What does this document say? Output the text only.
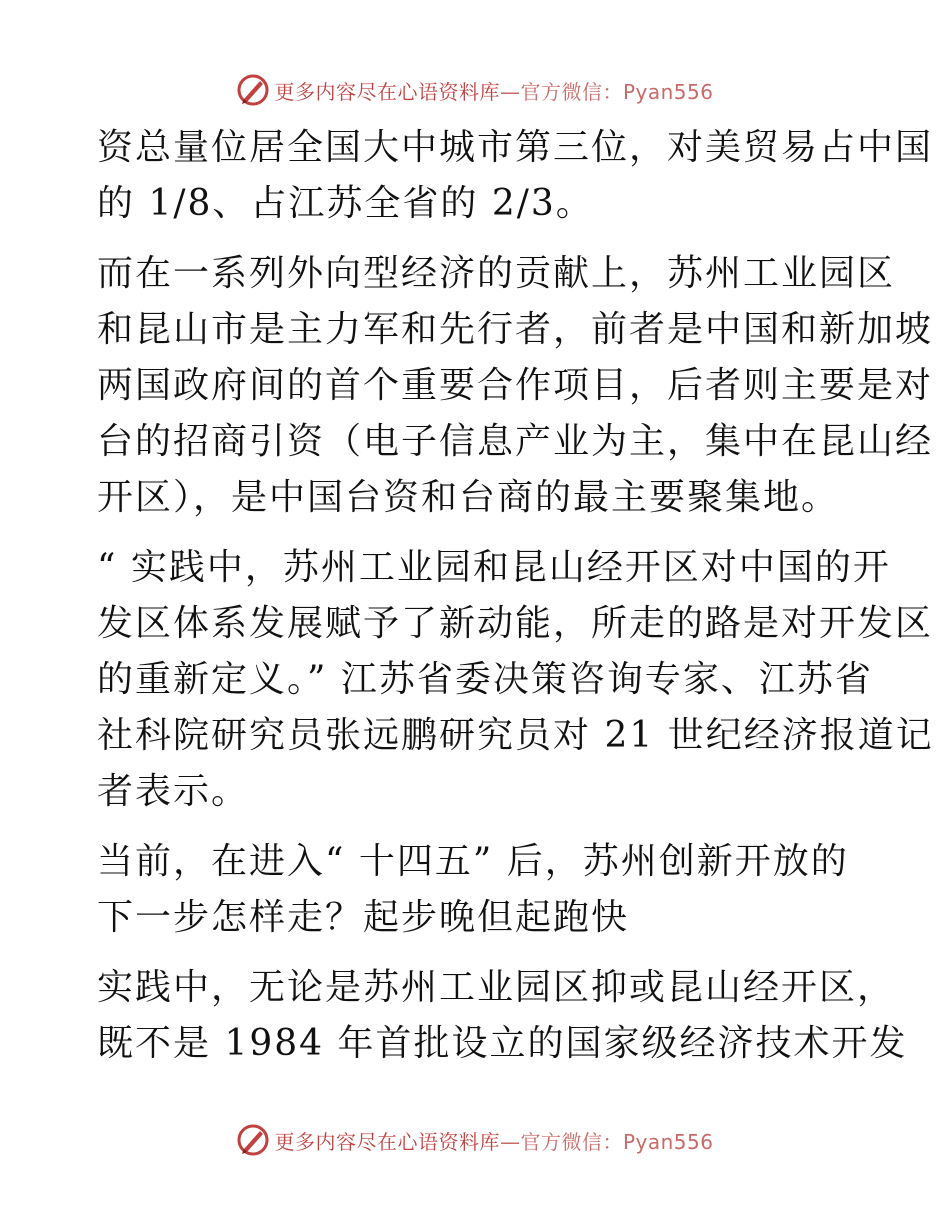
更多内容尽在心语资料库—官方微信：Pyan556
资总量位居全国大中城市第三位，对美贸易占中国
的 1/8、占江苏全省的 2/3。
而在一系列外向型经济的贡献上，苏州工业园区
和昆山市是主力军和先行者，前者是中国和新加坡
两国政府间的首个重要合作项目，后者则主要是对
台的招商引资（电子信息产业为主，集中在昆山经
开区），是中国台资和台商的最主要聚集地。
“ 实践中，苏州工业园和昆山经开区对中国的开
发区体系发展赋予了新动能，所走的路是对开发区
的重新定义。” 江苏省委决策咨询专家、江苏省
社科院研究员张远鹏研究员对 21 世纪经济报道记
者表示。
当前，在进入“ 十四五” 后，苏州创新开放的
下一步怎样走？起步晚但起跑快
实践中，无论是苏州工业园区抑或昆山经开区，
既不是 1984 年首批设立的国家级经济技术开发
更多内容尽在心语资料库—官方微信：Pyan556
